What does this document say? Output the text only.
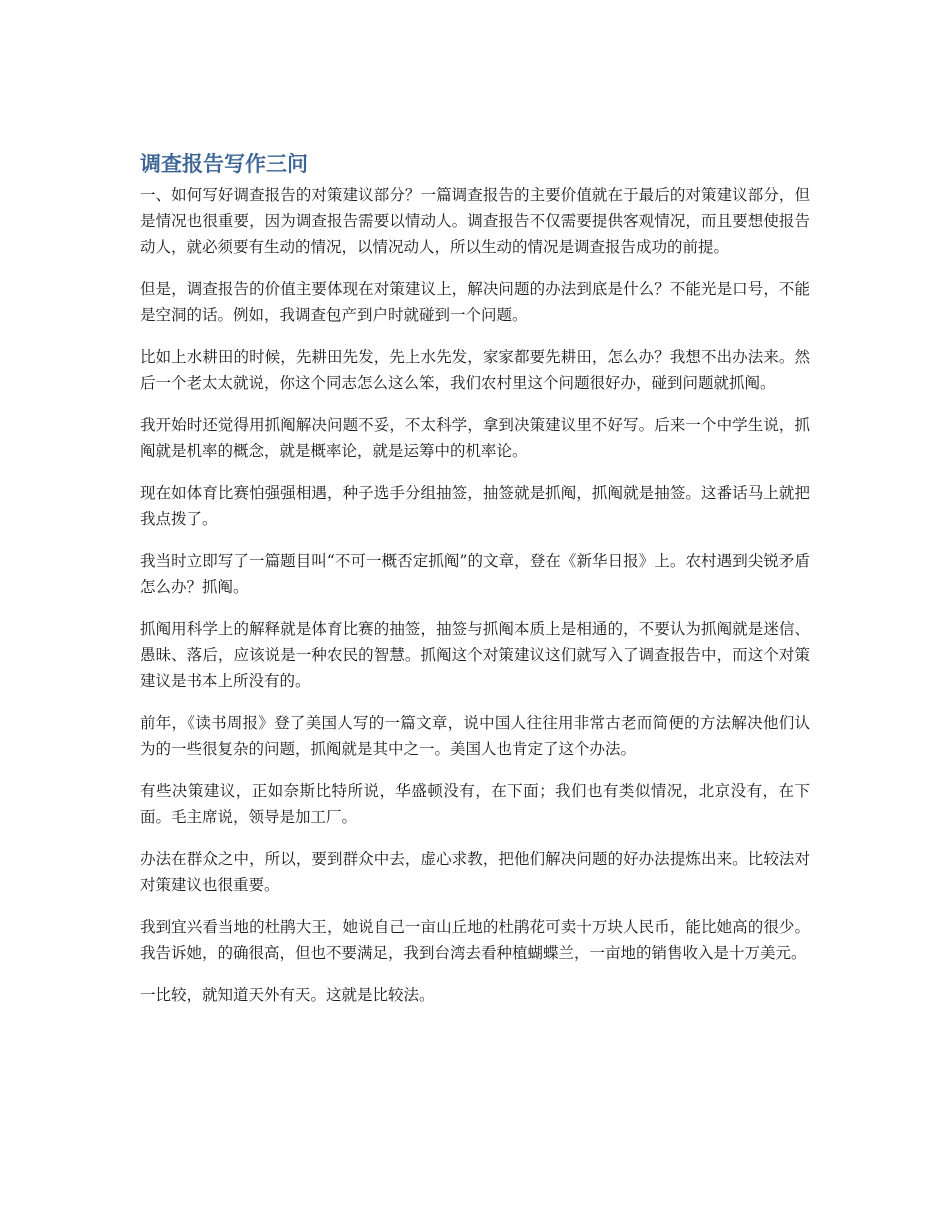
调查报告写作三问

一、如何写好调查报告的对策建议部分？一篇调查报告的主要价值就在于最后的对策建议部分，但是情况也很重要，因为调查报告需要以情动人。调查报告不仅需要提供客观情况，而且要想使报告动人，就必须要有生动的情况，以情况动人，所以生动的情况是调查报告成功的前提。

但是，调查报告的价值主要体现在对策建议上，解决问题的办法到底是什么？不能光是口号，不能是空洞的话。例如，我调查包产到户时就碰到一个问题。

比如上水耕田的时候，先耕田先发，先上水先发，家家都要先耕田，怎么办？我想不出办法来。然后一个老太太就说，你这个同志怎么这么笨，我们农村里这个问题很好办，碰到问题就抓阄。

我开始时还觉得用抓阄解决问题不妥，不太科学，拿到决策建议里不好写。后来一个中学生说，抓阄就是机率的概念，就是概率论，就是运筹中的机率论。

现在如体育比赛怕强强相遇，种子选手分组抽签，抽签就是抓阄，抓阄就是抽签。这番话马上就把我点拨了。

我当时立即写了一篇题目叫“不可一概否定抓阄”的文章，登在《新华日报》上。农村遇到尖锐矛盾怎么办？抓阄。

抓阄用科学上的解释就是体育比赛的抽签，抽签与抓阄本质上是相通的，不要认为抓阄就是迷信、愚昧、落后，应该说是一种农民的智慧。抓阄这个对策建议这们就写入了调查报告中，而这个对策建议是书本上所没有的。

前年，《读书周报》登了美国人写的一篇文章，说中国人往往用非常古老而简便的方法解决他们认为的一些很复杂的问题，抓阄就是其中之一。美国人也肯定了这个办法。

有些决策建议，正如奈斯比特所说，华盛顿没有，在下面；我们也有类似情况，北京没有，在下面。毛主席说，领导是加工厂。

办法在群众之中，所以，要到群众中去，虚心求教，把他们解决问题的好办法提炼出来。比较法对对策建议也很重要。

我到宜兴看当地的杜鹃大王，她说自己一亩山丘地的杜鹃花可卖十万块人民币，能比她高的很少。我告诉她，的确很高，但也不要满足，我到台湾去看种植蝴蝶兰，一亩地的销售收入是十万美元。

一比较，就知道天外有天。这就是比较法。
